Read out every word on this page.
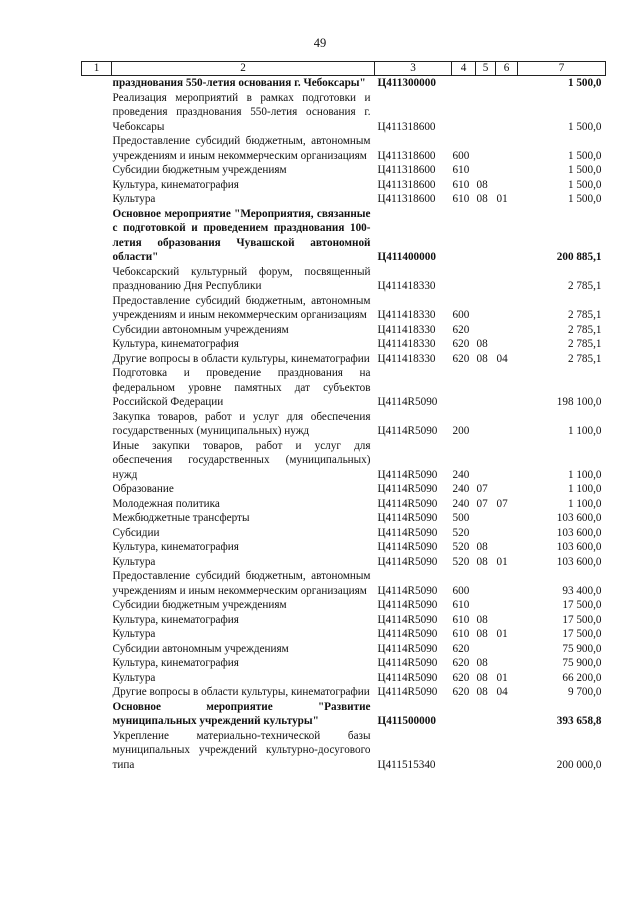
49
1	2	3	4	5	6	7
	празднования 550-летия основания г. Чебоксары"	Ц411300000				1 500,0
	Реализация мероприятий в рамках подготовки и проведения празднования 550-летия основания г. Чебоксары	Ц411318600				1 500,0
	Предоставление субсидий бюджетным, автономным учреждениям и иным некоммерческим организациям	Ц411318600	600			1 500,0
	Субсидии бюджетным учреждениям	Ц411318600	610			1 500,0
	Культура, кинематография	Ц411318600	610	08		1 500,0
	Культура	Ц411318600	610	08	01	1 500,0
	Основное мероприятие "Мероприятия, связанные с подготовкой и проведением празднования 100-летия образования Чувашской автономной области"	Ц411400000				200 885,1
	Чебоксарский культурный форум, посвященный празднованию Дня Республики	Ц411418330				2 785,1
	Предоставление субсидий бюджетным, автономным учреждениям и иным некоммерческим организациям	Ц411418330	600			2 785,1
	Субсидии автономным учреждениям	Ц411418330	620			2 785,1
	Культура, кинематография	Ц411418330	620	08		2 785,1
	Другие вопросы в области культуры, кинематографии	Ц411418330	620	08	04	2 785,1
	Подготовка и проведение празднования на федеральном уровне памятных дат субъектов Российской Федерации	Ц4114R5090				198 100,0
	Закупка товаров, работ и услуг для обеспечения государственных (муниципальных) нужд	Ц4114R5090	200			1 100,0
	Иные закупки товаров, работ и услуг для обеспечения государственных (муниципальных) нужд	Ц4114R5090	240			1 100,0
	Образование	Ц4114R5090	240	07		1 100,0
	Молодежная политика	Ц4114R5090	240	07	07	1 100,0
	Межбюджетные трансферты	Ц4114R5090	500			103 600,0
	Субсидии	Ц4114R5090	520			103 600,0
	Культура, кинематография	Ц4114R5090	520	08		103 600,0
	Культура	Ц4114R5090	520	08	01	103 600,0
	Предоставление субсидий бюджетным, автономным учреждениям и иным некоммерческим организациям	Ц4114R5090	600			93 400,0
	Субсидии бюджетным учреждениям	Ц4114R5090	610			17 500,0
	Культура, кинематография	Ц4114R5090	610	08		17 500,0
	Культура	Ц4114R5090	610	08	01	17 500,0
	Субсидии автономным учреждениям	Ц4114R5090	620			75 900,0
	Культура, кинематография	Ц4114R5090	620	08		75 900,0
	Культура	Ц4114R5090	620	08	01	66 200,0
	Другие вопросы в области культуры, кинематографии	Ц4114R5090	620	08	04	9 700,0
	Основное мероприятие "Развитие муниципальных учреждений культуры"	Ц411500000				393 658,8
	Укрепление материально-технической базы муниципальных учреждений культурно-досугового типа	Ц411515340				200 000,0
